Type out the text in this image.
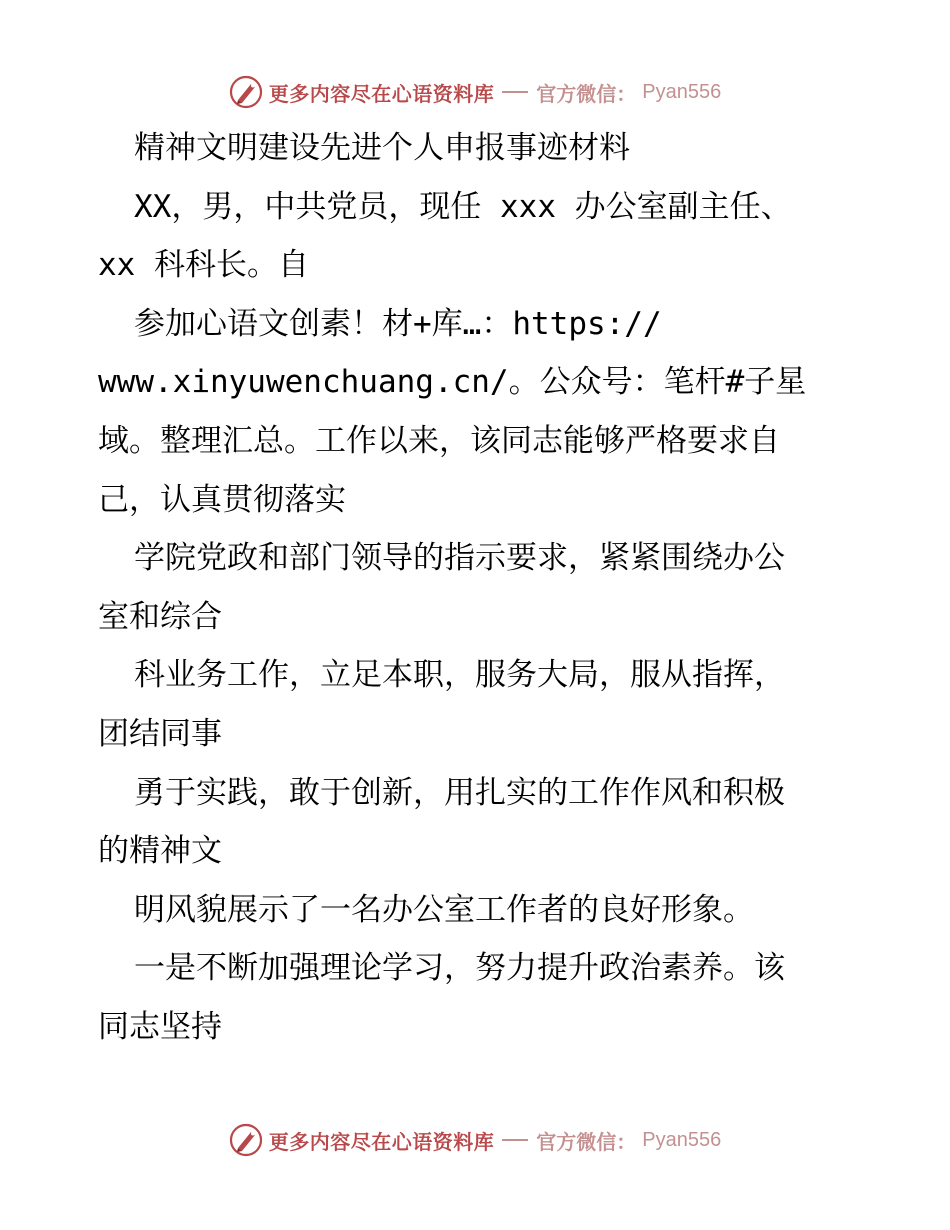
更多内容尽在心语资料库 官方微信： Pyan556
精神文明建设先进个人申报事迹材料
XX，男，中共党员，现任 xxx 办公室副主任、
xx 科科长。自
参加心语文创素！材+库…：https://
www.xinyuwenchuang.cn/。公众号：笔杆#子星
域。整理汇总。工作以来，该同志能够严格要求自
己，认真贯彻落实
学院党政和部门领导的指示要求，紧紧围绕办公
室和综合
科业务工作，立足本职，服务大局，服从指挥，
团结同事
勇于实践，敢于创新，用扎实的工作作风和积极
的精神文
明风貌展示了一名办公室工作者的良好形象。
一是不断加强理论学习，努力提升政治素养。该
同志坚持
更多内容尽在心语资料库 官方微信： Pyan556
